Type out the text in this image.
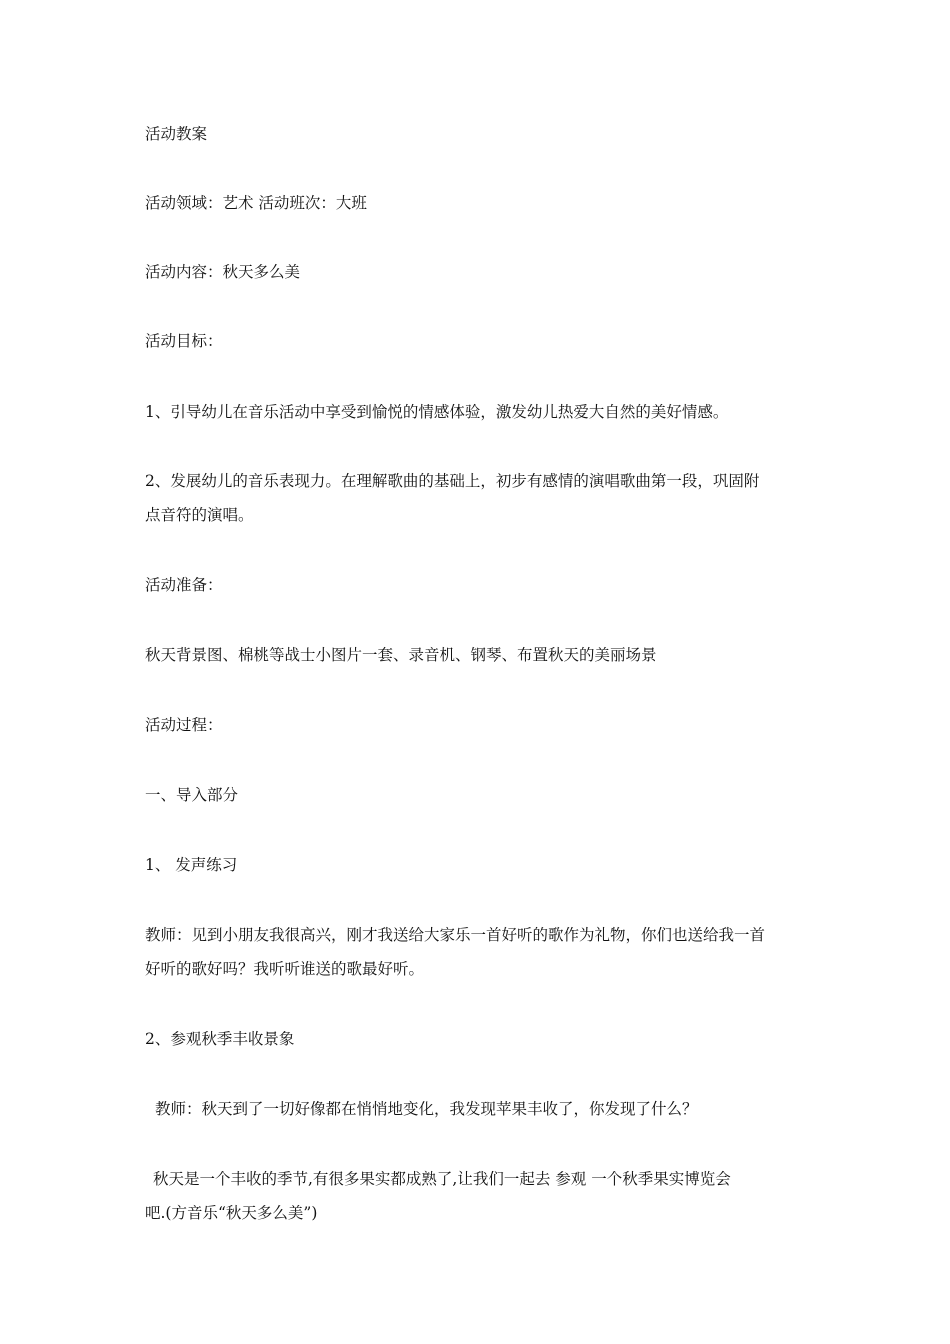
活动教案

活动领域：艺术 活动班次：大班

活动内容：秋天多么美

活动目标：

1、引导幼儿在音乐活动中享受到愉悦的情感体验，激发幼儿热爱大自然的美好情感。

2、发展幼儿的音乐表现力。在理解歌曲的基础上，初步有感情的演唱歌曲第一段，巩固附

点音符的演唱。

活动准备：

秋天背景图、棉桃等战士小图片一套、录音机、钢琴、布置秋天的美丽场景

活动过程：

一、导入部分

1、 发声练习

教师：见到小朋友我很高兴，刚才我送给大家乐一首好听的歌作为礼物，你们也送给我一首

好听的歌好吗？我听听谁送的歌最好听。

2、参观秋季丰收景象

教师：秋天到了一切好像都在悄悄地变化，我发现苹果丰收了，你发现了什么？

秋天是一个丰收的季节,有很多果实都成熟了,让我们一起去 参观 一个秋季果实博览会

吧.(方音乐“秋天多么美”)
